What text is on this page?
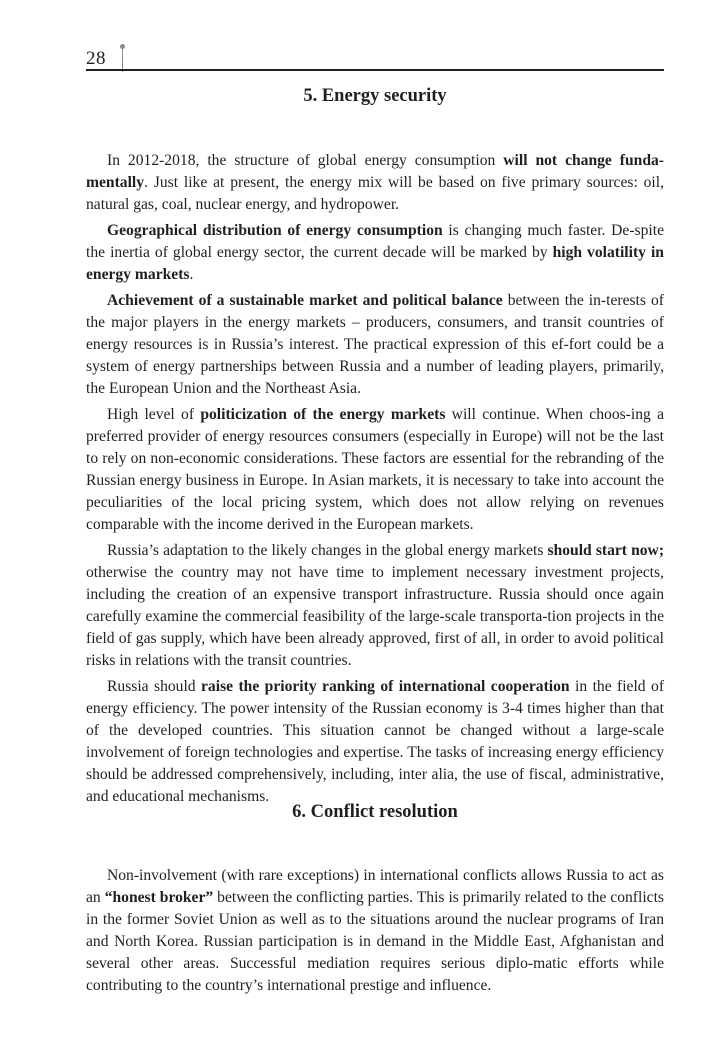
28
5. Energy security

In 2012-2018, the structure of global energy consumption will not change funda-mentally. Just like at present, the energy mix will be based on five primary sources: oil, natural gas, coal, nuclear energy, and hydropower.

Geographical distribution of energy consumption is changing much faster. De-spite the inertia of global energy sector, the current decade will be marked by high volatility in energy markets.

Achievement of a sustainable market and political balance between the in-terests of the major players in the energy markets – producers, consumers, and transit countries of energy resources is in Russia’s interest. The practical expression of this ef-fort could be a system of energy partnerships between Russia and a number of leading players, primarily, the European Union and the Northeast Asia.

High level of politicization of the energy markets will continue. When choos-ing a preferred provider of energy resources consumers (especially in Europe) will not be the last to rely on non-economic considerations. These factors are essential for the rebranding of the Russian energy business in Europe. In Asian markets, it is necessary to take into account the peculiarities of the local pricing system, which does not allow relying on revenues comparable with the income derived in the European markets.

Russia’s adaptation to the likely changes in the global energy markets should start now; otherwise the country may not have time to implement necessary investment projects, including the creation of an expensive transport infrastructure. Russia should once again carefully examine the commercial feasibility of the large-scale transporta-tion projects in the field of gas supply, which have been already approved, first of all, in order to avoid political risks in relations with the transit countries.

Russia should raise the priority ranking of international cooperation in the field of energy efficiency. The power intensity of the Russian economy is 3-4 times higher than that of the developed countries. This situation cannot be changed without a large-scale involvement of foreign technologies and expertise. The tasks of increasing energy efficiency should be addressed comprehensively, including, inter alia, the use of fiscal, administrative, and educational mechanisms.

6. Conflict resolution

Non-involvement (with rare exceptions) in international conflicts allows Russia to act as an “honest broker” between the conflicting parties. This is primarily related to the conflicts in the former Soviet Union as well as to the situations around the nuclear programs of Iran and North Korea. Russian participation is in demand in the Middle East, Afghanistan and several other areas. Successful mediation requires serious diplo-matic efforts while contributing to the country’s international prestige and influence.
